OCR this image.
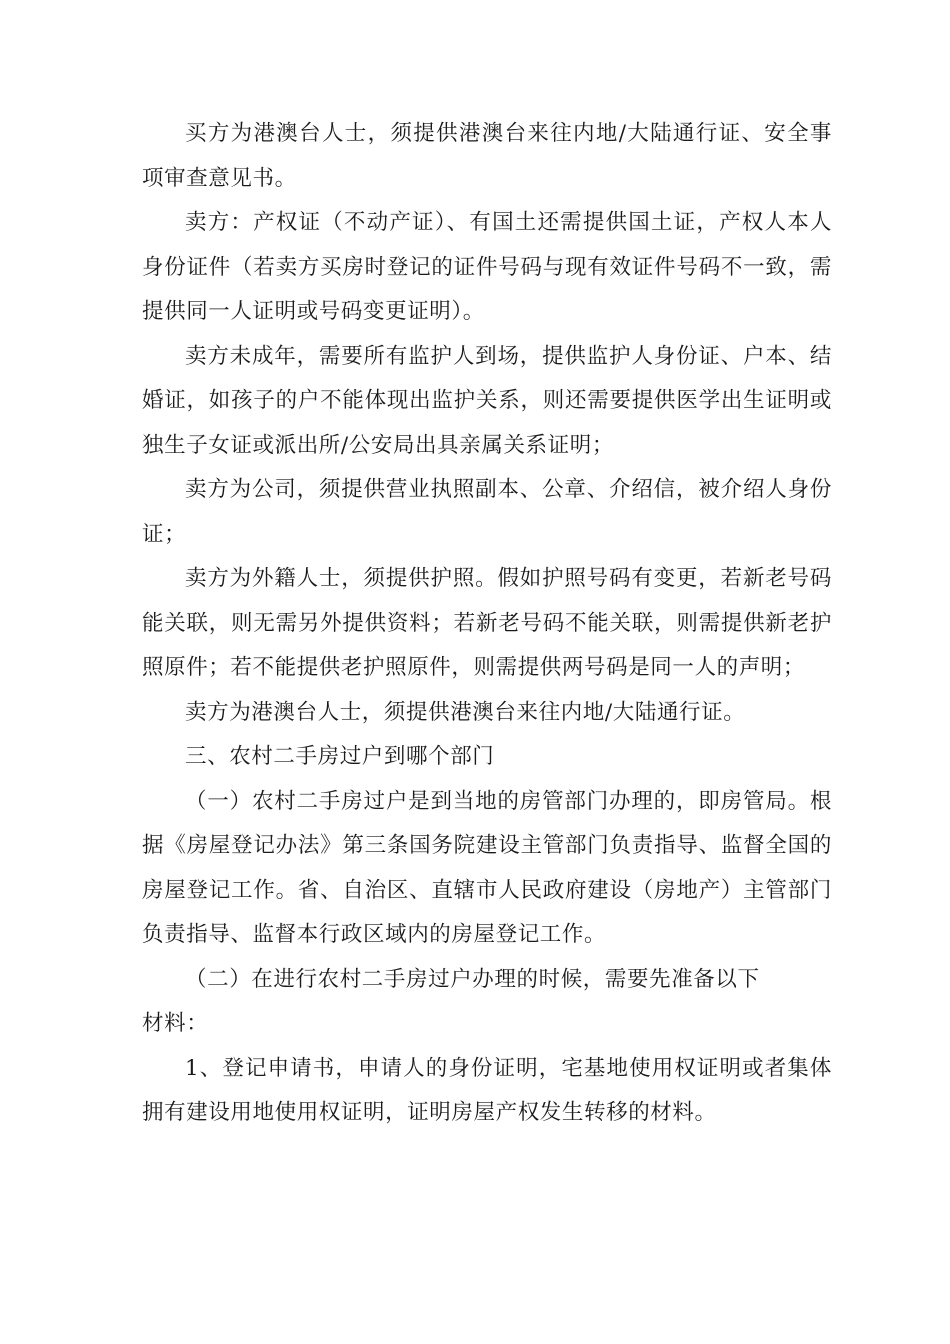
买方为港澳台人士，须提供港澳台来往内地/大陆通行证、安全事项审查意见书。

卖方：产权证（不动产证）、有国土还需提供国土证，产权人本人身份证件（若卖方买房时登记的证件号码与现有效证件号码不一致，需提供同一人证明或号码变更证明）。

卖方未成年，需要所有监护人到场，提供监护人身份证、户本、结婚证，如孩子的户不能体现出监护关系，则还需要提供医学出生证明或独生子女证或派出所/公安局出具亲属关系证明；

卖方为公司，须提供营业执照副本、公章、介绍信，被介绍人身份证；

卖方为外籍人士，须提供护照。假如护照号码有变更，若新老号码能关联，则无需另外提供资料；若新老号码不能关联，则需提供新老护照原件；若不能提供老护照原件，则需提供两号码是同一人的声明；

卖方为港澳台人士，须提供港澳台来往内地/大陆通行证。

三、农村二手房过户到哪个部门

（一）农村二手房过户是到当地的房管部门办理的，即房管局。根据《房屋登记办法》第三条国务院建设主管部门负责指导、监督全国的房屋登记工作。省、自治区、直辖市人民政府建设（房地产）主管部门负责指导、监督本行政区域内的房屋登记工作。

（二）在进行农村二手房过户办理的时候，需要先准备以下

材料：

1、登记申请书，申请人的身份证明，宅基地使用权证明或者集体拥有建设用地使用权证明，证明房屋产权发生转移的材料。
